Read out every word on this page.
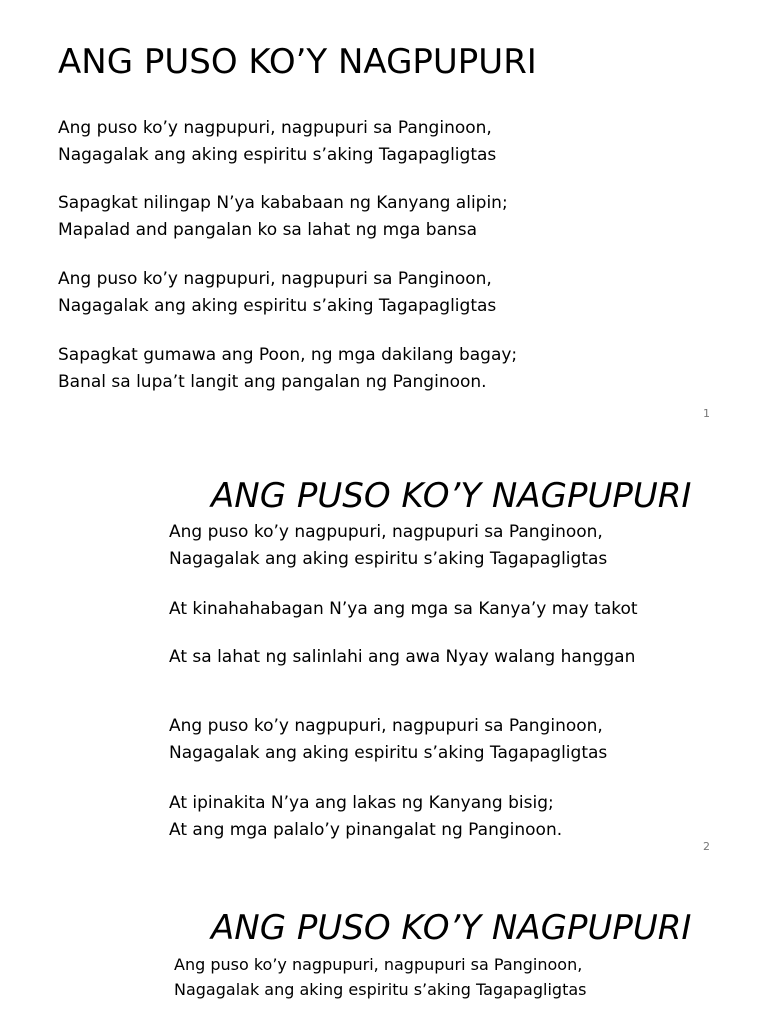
ANG PUSO KO’Y NAGPUPURI
Ang puso ko’y nagpupuri, nagpupuri sa Panginoon,
Nagagalak ang aking espiritu s’aking Tagapagligtas
Sapagkat nilingap N’ya kababaan ng Kanyang alipin;
Mapalad and pangalan ko sa lahat ng mga bansa
Ang puso ko’y nagpupuri, nagpupuri sa Panginoon,
Nagagalak ang aking espiritu s’aking Tagapagligtas
Sapagkat gumawa ang Poon, ng mga dakilang bagay;
Banal sa lupa’t langit ang pangalan ng Panginoon.
1
ANG PUSO KO’Y NAGPUPURI
Ang puso ko’y nagpupuri, nagpupuri sa Panginoon,
Nagagalak ang aking espiritu s’aking Tagapagligtas
At kinahahabagan N’ya ang mga sa Kanya’y may takot
At sa lahat ng salinlahi ang awa Nyay walang hanggan
Ang puso ko’y nagpupuri, nagpupuri sa Panginoon,
Nagagalak ang aking espiritu s’aking Tagapagligtas
At ipinakita N’ya ang lakas ng Kanyang bisig;
At ang mga palalo’y pinangalat ng Panginoon.
2
ANG PUSO KO’Y NAGPUPURI
Ang puso ko’y nagpupuri, nagpupuri sa Panginoon,
Nagagalak ang aking espiritu s’aking Tagapagligtas
